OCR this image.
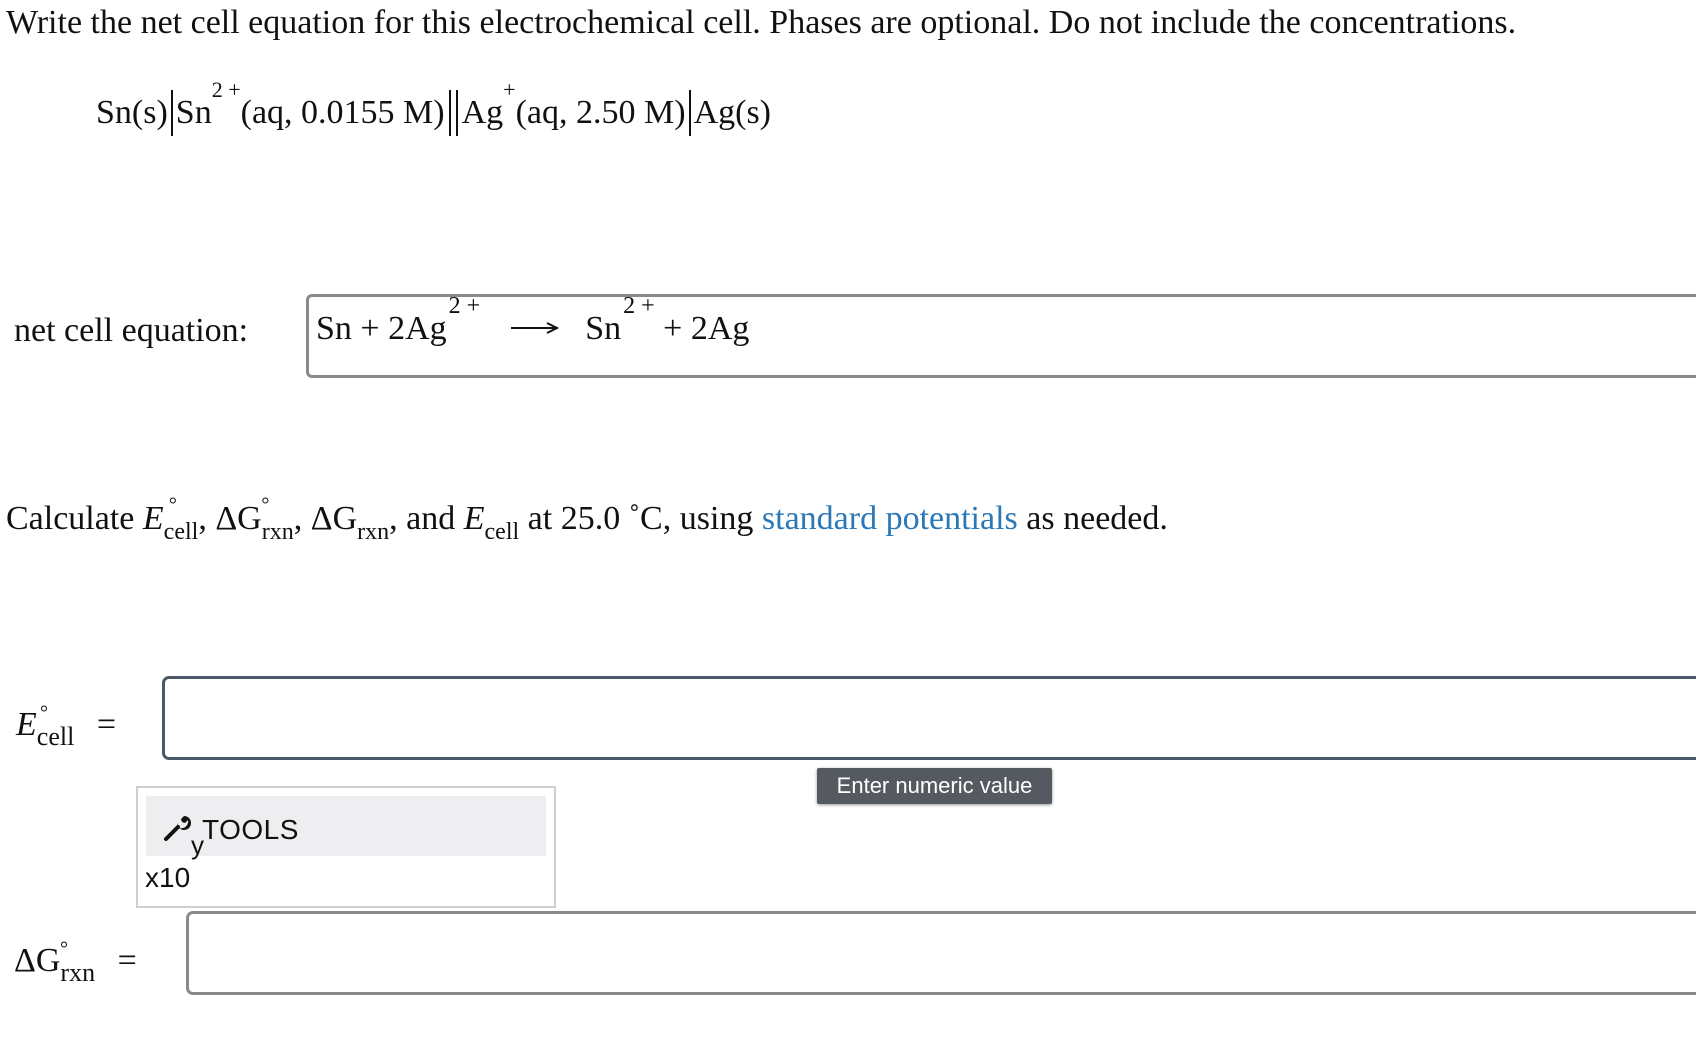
Write the net cell equation for this electrochemical cell. Phases are optional. Do not include the concentrations.
Sn(s) $Sn^{2 +}$
(aq, 0.0155 M) Ag+
(aq, 2.50 M) Ag(s)
net cell equation: $Sn + 2Ag^{2 +} \to Sn^{2 +} + 2Ag$
Calculate E °
$_{cell}$, ΔG °
$_{rxn}$, $\Delta G_{rxn}$, and $E_{cell}$ at 25.0 ˚C, using standard potentials as needed.
E °
$_{cell}$ =
Enter numeric value
TOOLS
y
x10
ΔG °
$_{rxn}$ =
